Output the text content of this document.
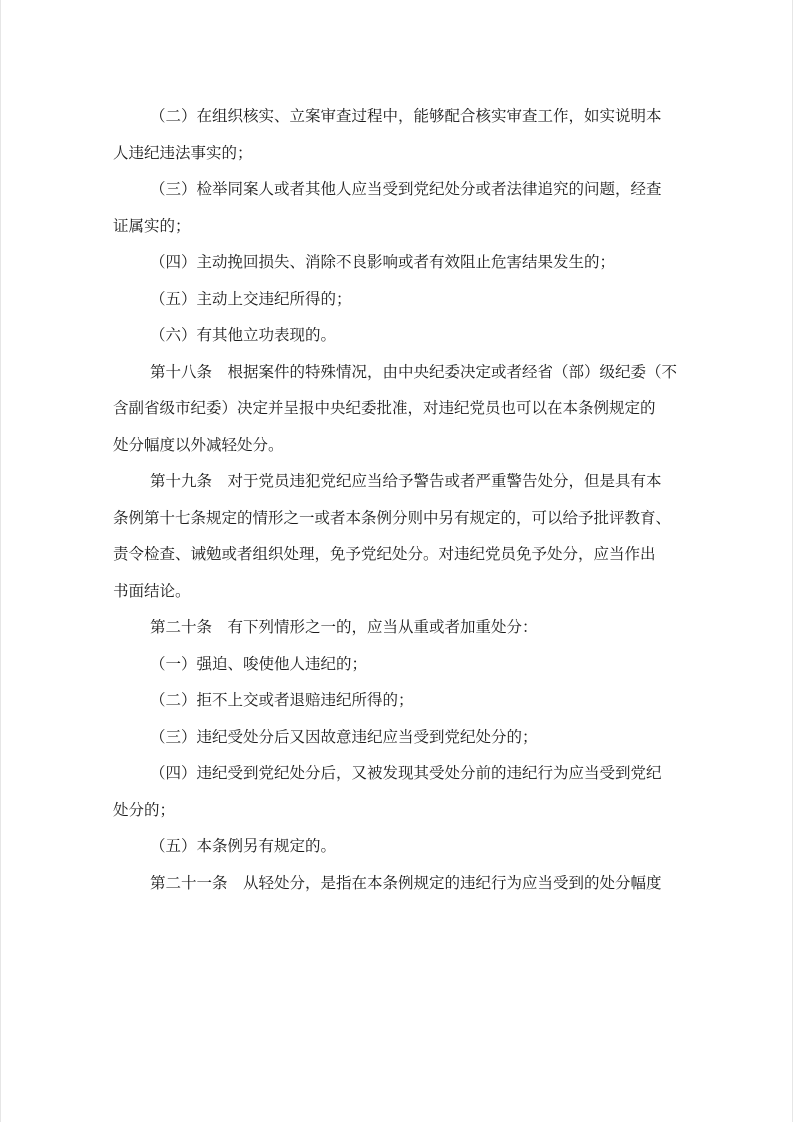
（二）在组织核实、立案审查过程中，能够配合核实审查工作，如实说明本
人违纪违法事实的；
（三）检举同案人或者其他人应当受到党纪处分或者法律追究的问题，经查
证属实的；
（四）主动挽回损失、消除不良影响或者有效阻止危害结果发生的；
（五）主动上交违纪所得的；
（六）有其他立功表现的。
第十八条　根据案件的特殊情况，由中央纪委决定或者经省（部）级纪委（不
含副省级市纪委）决定并呈报中央纪委批准，对违纪党员也可以在本条例规定的
处分幅度以外减轻处分。
第十九条　对于党员违犯党纪应当给予警告或者严重警告处分，但是具有本
条例第十七条规定的情形之一或者本条例分则中另有规定的，可以给予批评教育、
责令检查、诫勉或者组织处理，免予党纪处分。对违纪党员免予处分，应当作出
书面结论。
第二十条　有下列情形之一的，应当从重或者加重处分：
（一）强迫、唆使他人违纪的；
（二）拒不上交或者退赔违纪所得的；
（三）违纪受处分后又因故意违纪应当受到党纪处分的；
（四）违纪受到党纪处分后，又被发现其受处分前的违纪行为应当受到党纪
处分的；
（五）本条例另有规定的。
第二十一条　从轻处分，是指在本条例规定的违纪行为应当受到的处分幅度
